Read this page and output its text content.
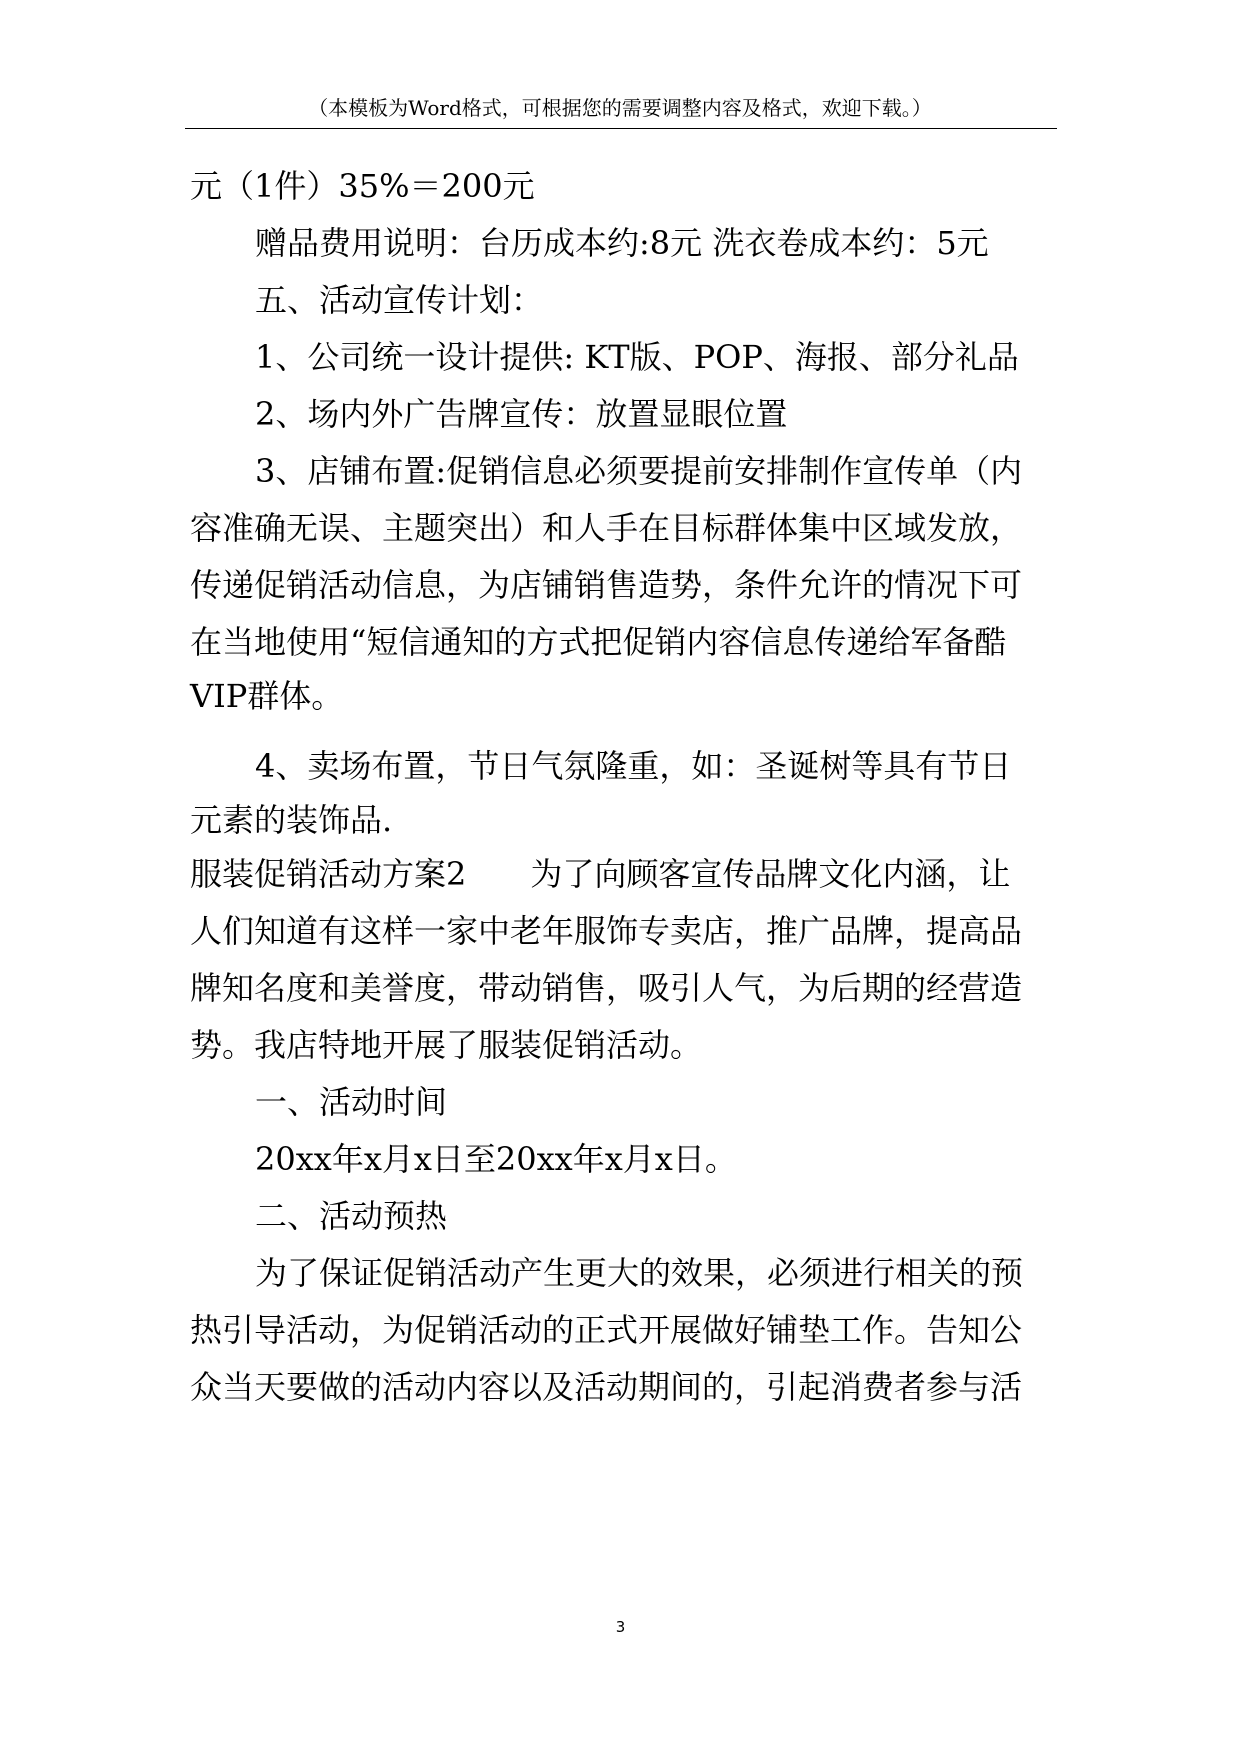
（本模板为Word格式，可根据您的需要调整内容及格式，欢迎下载。）
元（1件）35%＝200元
赠品费用说明：台历成本约:8元 洗衣卷成本约：5元
五、活动宣传计划：
1、公司统一设计提供: KT版、POP、海报、部分礼品
2、场内外广告牌宣传：放置显眼位置
3、店铺布置:促销信息必须要提前安排制作宣传单（内
容准确无误、主题突出）和人手在目标群体集中区域发放，
传递促销活动信息，为店铺销售造势，条件允许的情况下可
在当地使用“短信通知的方式把促销内容信息传递给军备酷
VIP群体。
4、卖场布置，节日气氛隆重，如：圣诞树等具有节日
元素的装饰品.
服装促销活动方案2　　为了向顾客宣传品牌文化内涵，让
人们知道有这样一家中老年服饰专卖店，推广品牌，提高品
牌知名度和美誉度，带动销售，吸引人气，为后期的经营造
势。我店特地开展了服装促销活动。
一、活动时间
20xx年x月x日至20xx年x月x日。
二、活动预热
为了保证促销活动产生更大的效果，必须进行相关的预
热引导活动，为促销活动的正式开展做好铺垫工作。告知公
众当天要做的活动内容以及活动期间的，引起消费者参与活
3
